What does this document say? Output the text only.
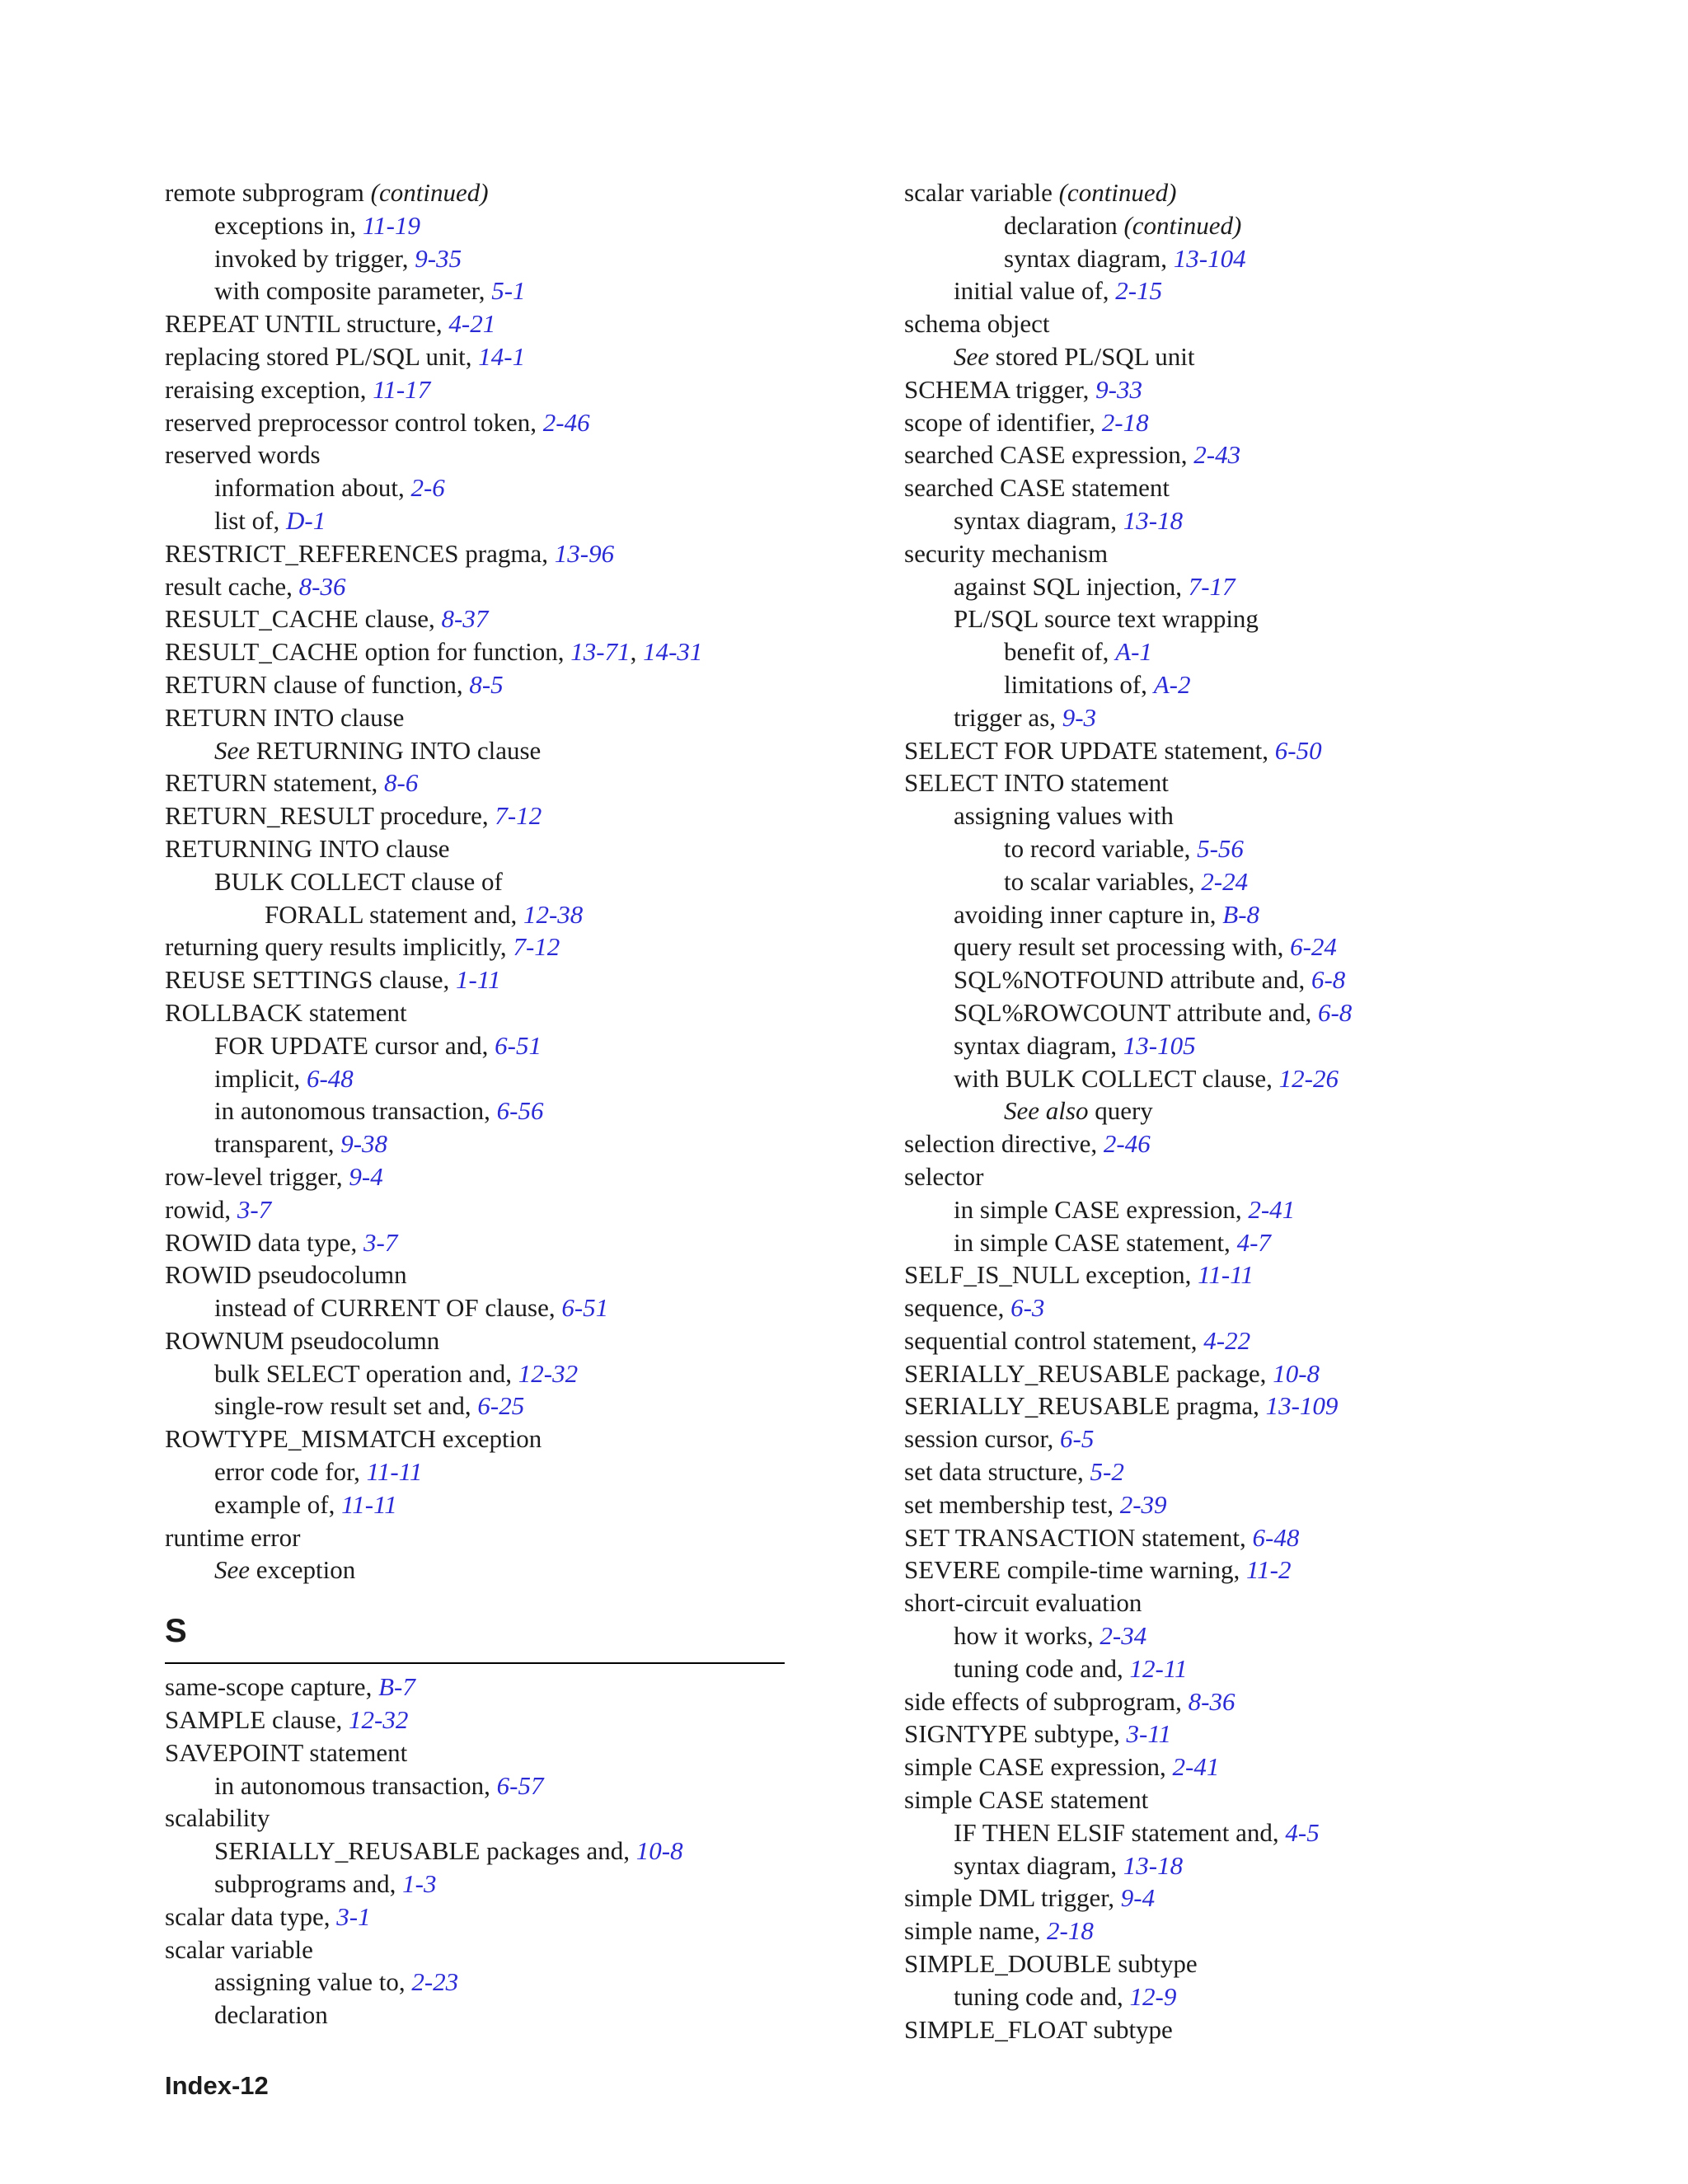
remote subprogram (continued)
exceptions in, 11-19
invoked by trigger, 9-35
with composite parameter, 5-1
REPEAT UNTIL structure, 4-21
replacing stored PL/SQL unit, 14-1
reraising exception, 11-17
reserved preprocessor control token, 2-46
reserved words
information about, 2-6
list of, D-1
RESTRICT_REFERENCES pragma, 13-96
result cache, 8-36
RESULT_CACHE clause, 8-37
RESULT_CACHE option for function, 13-71, 14-31
RETURN clause of function, 8-5
RETURN INTO clause
See RETURNING INTO clause
RETURN statement, 8-6
RETURN_RESULT procedure, 7-12
RETURNING INTO clause
BULK COLLECT clause of
FORALL statement and, 12-38
returning query results implicitly, 7-12
REUSE SETTINGS clause, 1-11
ROLLBACK statement
FOR UPDATE cursor and, 6-51
implicit, 6-48
in autonomous transaction, 6-56
transparent, 9-38
row-level trigger, 9-4
rowid, 3-7
ROWID data type, 3-7
ROWID pseudocolumn
instead of CURRENT OF clause, 6-51
ROWNUM pseudocolumn
bulk SELECT operation and, 12-32
single-row result set and, 6-25
ROWTYPE_MISMATCH exception
error code for, 11-11
example of, 11-11
runtime error
See exception
S
same-scope capture, B-7
SAMPLE clause, 12-32
SAVEPOINT statement
in autonomous transaction, 6-57
scalability
SERIALLY_REUSABLE packages and, 10-8
subprograms and, 1-3
scalar data type, 3-1
scalar variable
assigning value to, 2-23
declaration
scalar variable (continued)
declaration (continued)
syntax diagram, 13-104
initial value of, 2-15
schema object
See stored PL/SQL unit
SCHEMA trigger, 9-33
scope of identifier, 2-18
searched CASE expression, 2-43
searched CASE statement
syntax diagram, 13-18
security mechanism
against SQL injection, 7-17
PL/SQL source text wrapping
benefit of, A-1
limitations of, A-2
trigger as, 9-3
SELECT FOR UPDATE statement, 6-50
SELECT INTO statement
assigning values with
to record variable, 5-56
to scalar variables, 2-24
avoiding inner capture in, B-8
query result set processing with, 6-24
SQL%NOTFOUND attribute and, 6-8
SQL%ROWCOUNT attribute and, 6-8
syntax diagram, 13-105
with BULK COLLECT clause, 12-26
See also query
selection directive, 2-46
selector
in simple CASE expression, 2-41
in simple CASE statement, 4-7
SELF_IS_NULL exception, 11-11
sequence, 6-3
sequential control statement, 4-22
SERIALLY_REUSABLE package, 10-8
SERIALLY_REUSABLE pragma, 13-109
session cursor, 6-5
set data structure, 5-2
set membership test, 2-39
SET TRANSACTION statement, 6-48
SEVERE compile-time warning, 11-2
short-circuit evaluation
how it works, 2-34
tuning code and, 12-11
side effects of subprogram, 8-36
SIGNTYPE subtype, 3-11
simple CASE expression, 2-41
simple CASE statement
IF THEN ELSIF statement and, 4-5
syntax diagram, 13-18
simple DML trigger, 9-4
simple name, 2-18
SIMPLE_DOUBLE subtype
tuning code and, 12-9
SIMPLE_FLOAT subtype
Index-12
